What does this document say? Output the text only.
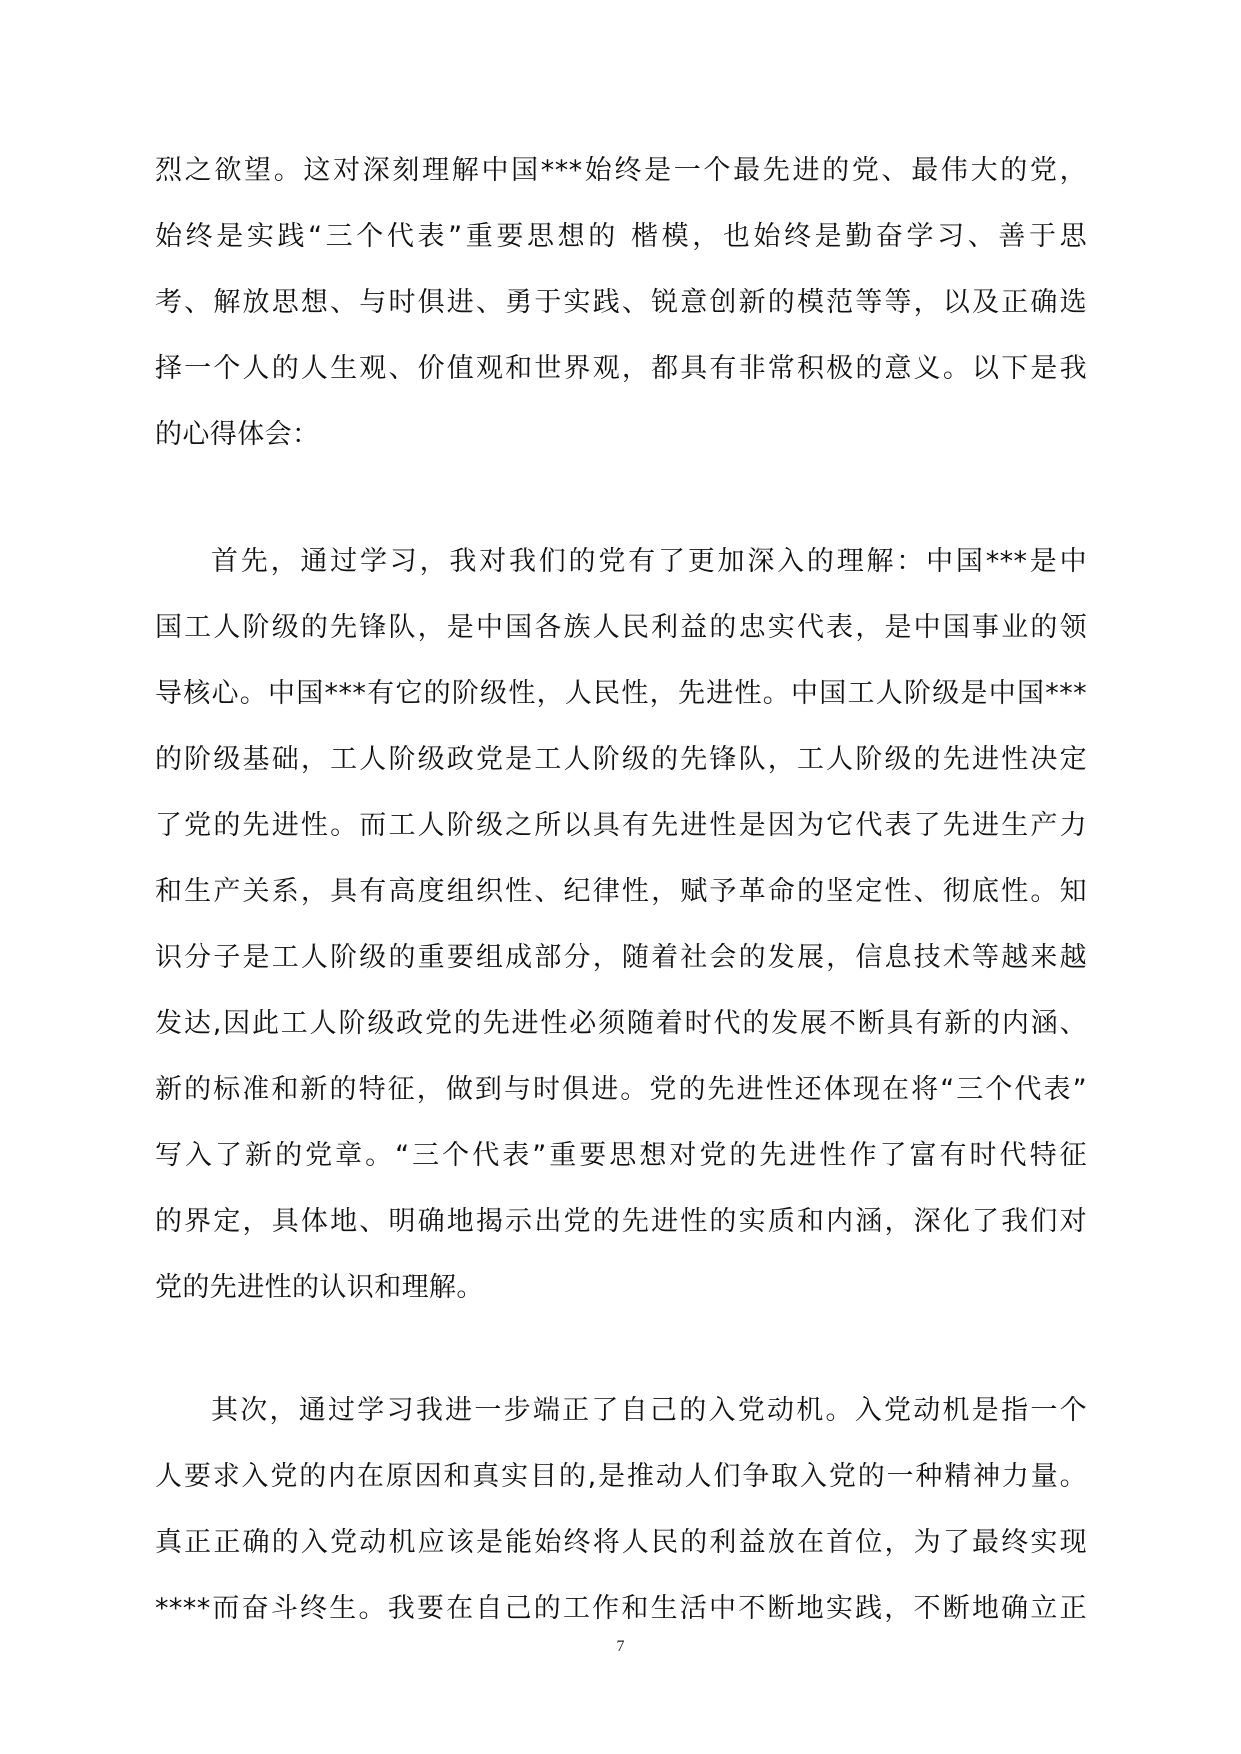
烈之欲望。这对深刻理解中国***始终是一个最先进的党、最伟大的党，
始终是实践“三个代表”重要思想的 楷模，也始终是勤奋学习、善于思
考、解放思想、与时俱进、勇于实践、锐意创新的模范等等，以及正确选
择一个人的人生观、价值观和世界观，都具有非常积极的意义。以下是我
的心得体会：
首先，通过学习，我对我们的党有了更加深入的理解：中国***是中
国工人阶级的先锋队，是中国各族人民利益的忠实代表，是中国事业的领
导核心。中国***有它的阶级性，人民性，先进性。中国工人阶级是中国***
的阶级基础，工人阶级政党是工人阶级的先锋队，工人阶级的先进性决定
了党的先进性。而工人阶级之所以具有先进性是因为它代表了先进生产力
和生产关系，具有高度组织性、纪律性，赋予革命的坚定性、彻底性。知
识分子是工人阶级的重要组成部分，随着社会的发展，信息技术等越来越
发达,因此工人阶级政党的先进性必须随着时代的发展不断具有新的内涵、
新的标准和新的特征，做到与时俱进。党的先进性还体现在将“三个代表”
写入了新的党章。“三个代表”重要思想对党的先进性作了富有时代特征
的界定，具体地、明确地揭示出党的先进性的实质和内涵，深化了我们对
党的先进性的认识和理解。
其次，通过学习我进一步端正了自己的入党动机。入党动机是指一个
人要求入党的内在原因和真实目的,是推动人们争取入党的一种精神力量。
真正正确的入党动机应该是能始终将人民的利益放在首位，为了最终实现
****而奋斗终生。我要在自己的工作和生活中不断地实践，不断地确立正
7
